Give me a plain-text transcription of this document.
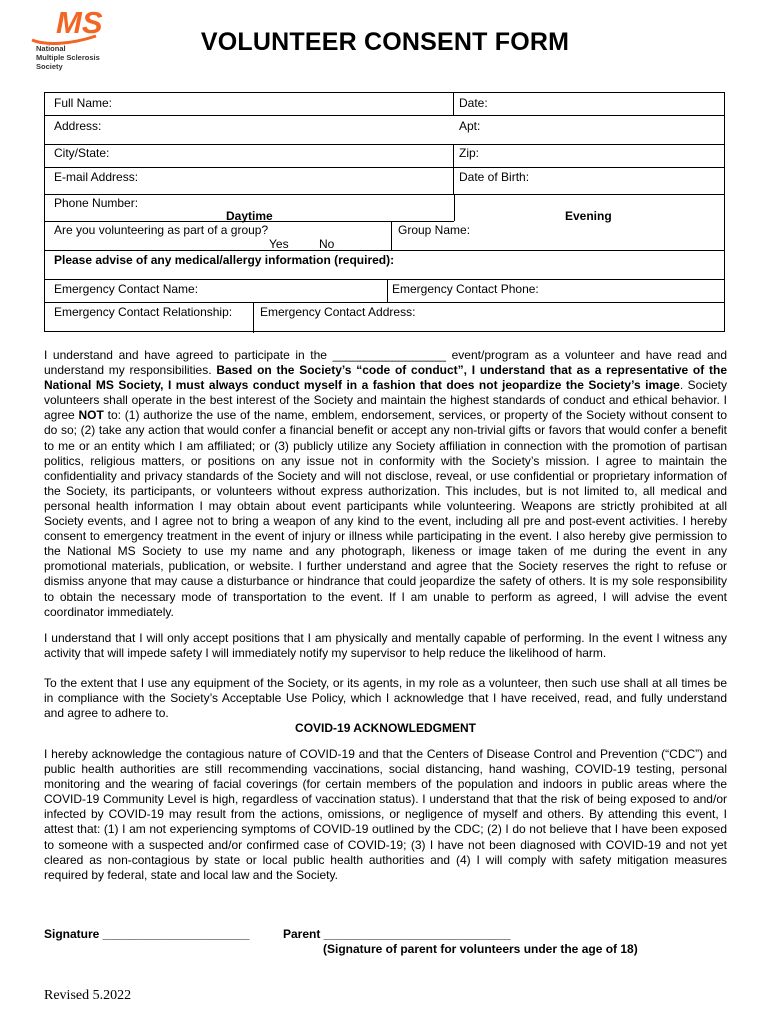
MS
National
Multiple Sclerosis
Society
VOLUNTEER CONSENT FORM
Full Name:	Date:
Address:	Apt:
City/State:	Zip:
E-mail Address:	Date of Birth:
Phone Number:
Daytime	Evening
Are you volunteering as part of a group?
Yes	No
Group Name:
Please advise of any medical/allergy information (required):
Emergency Contact Name:	Emergency Contact Phone:
Emergency Contact Relationship: Emergency Contact Address:

I understand and have agreed to participate in the _________________ event/program as a volunteer and have read and understand my responsibilities. Based on the Society’s “code of conduct”, I understand that as a representative of the National MS Society, I must always conduct myself in a fashion that does not jeopardize the Society’s image. Society volunteers shall operate in the best interest of the Society and maintain the highest standards of conduct and ethical behavior. I agree NOT to: (1) authorize the use of the name, emblem, endorsement, services, or property of the Society without consent to do so; (2) take any action that would confer a financial benefit or accept any non-trivial gifts or favors that would confer a benefit to me or an entity which I am affiliated; or (3) publicly utilize any Society affiliation in connection with the promotion of partisan politics, religious matters, or positions on any issue not in conformity with the Society’s mission. I agree to maintain the confidentiality and privacy standards of the Society and will not disclose, reveal, or use confidential or proprietary information of the Society, its participants, or volunteers without express authorization. This includes, but is not limited to, all medical and personal health information I may obtain about event participants while volunteering. Weapons are strictly prohibited at all Society events, and I agree not to bring a weapon of any kind to the event, including all pre and post-event activities. I hereby consent to emergency treatment in the event of injury or illness while participating in the event. I also hereby give permission to the National MS Society to use my name and any photograph, likeness or image taken of me during the event in any promotional materials, publication, or website. I further understand and agree that the Society reserves the right to refuse or dismiss anyone that may cause a disturbance or hindrance that could jeopardize the safety of others. It is my sole responsibility to obtain the necessary mode of transportation to the event. If I am unable to perform as agreed, I will advise the event coordinator immediately.

I understand that I will only accept positions that I am physically and mentally capable of performing. In the event I witness any activity that will impede safety I will immediately notify my supervisor to help reduce the likelihood of harm.
To the extent that I use any equipment of the Society, or its agents, in my role as a volunteer, then such use shall at all times be in compliance with the Society’s Acceptable Use Policy, which I acknowledge that I have received, read, and fully understand and agree to adhere to.
COVID-19 ACKNOWLEDGMENT
I hereby acknowledge the contagious nature of COVID-19 and that the Centers of Disease Control and Prevention (“CDC”) and public health authorities are still recommending vaccinations, social distancing, hand washing, COVID-19 testing, personal monitoring and the wearing of facial coverings (for certain members of the population and indoors in public areas where the COVID-19 Community Level is high, regardless of vaccination status). I understand that that the risk of being exposed to and/or infected by COVID-19 may result from the actions, omissions, or negligence of myself and others. By attending this event, I attest that: (1) I am not experiencing symptoms of COVID-19 outlined by the CDC; (2) I do not believe that I have been exposed to someone with a suspected and/or confirmed case of COVID-19; (3) I have not been diagnosed with COVID-19 and not yet cleared as non-contagious by state or local public health authorities and (4) I will comply with safety mitigation measures required by federal, state and local law and the Society.
Signature ______________________	Parent ____________________________
(Signature of parent for volunteers under the age of 18)
Revised 5.2022
